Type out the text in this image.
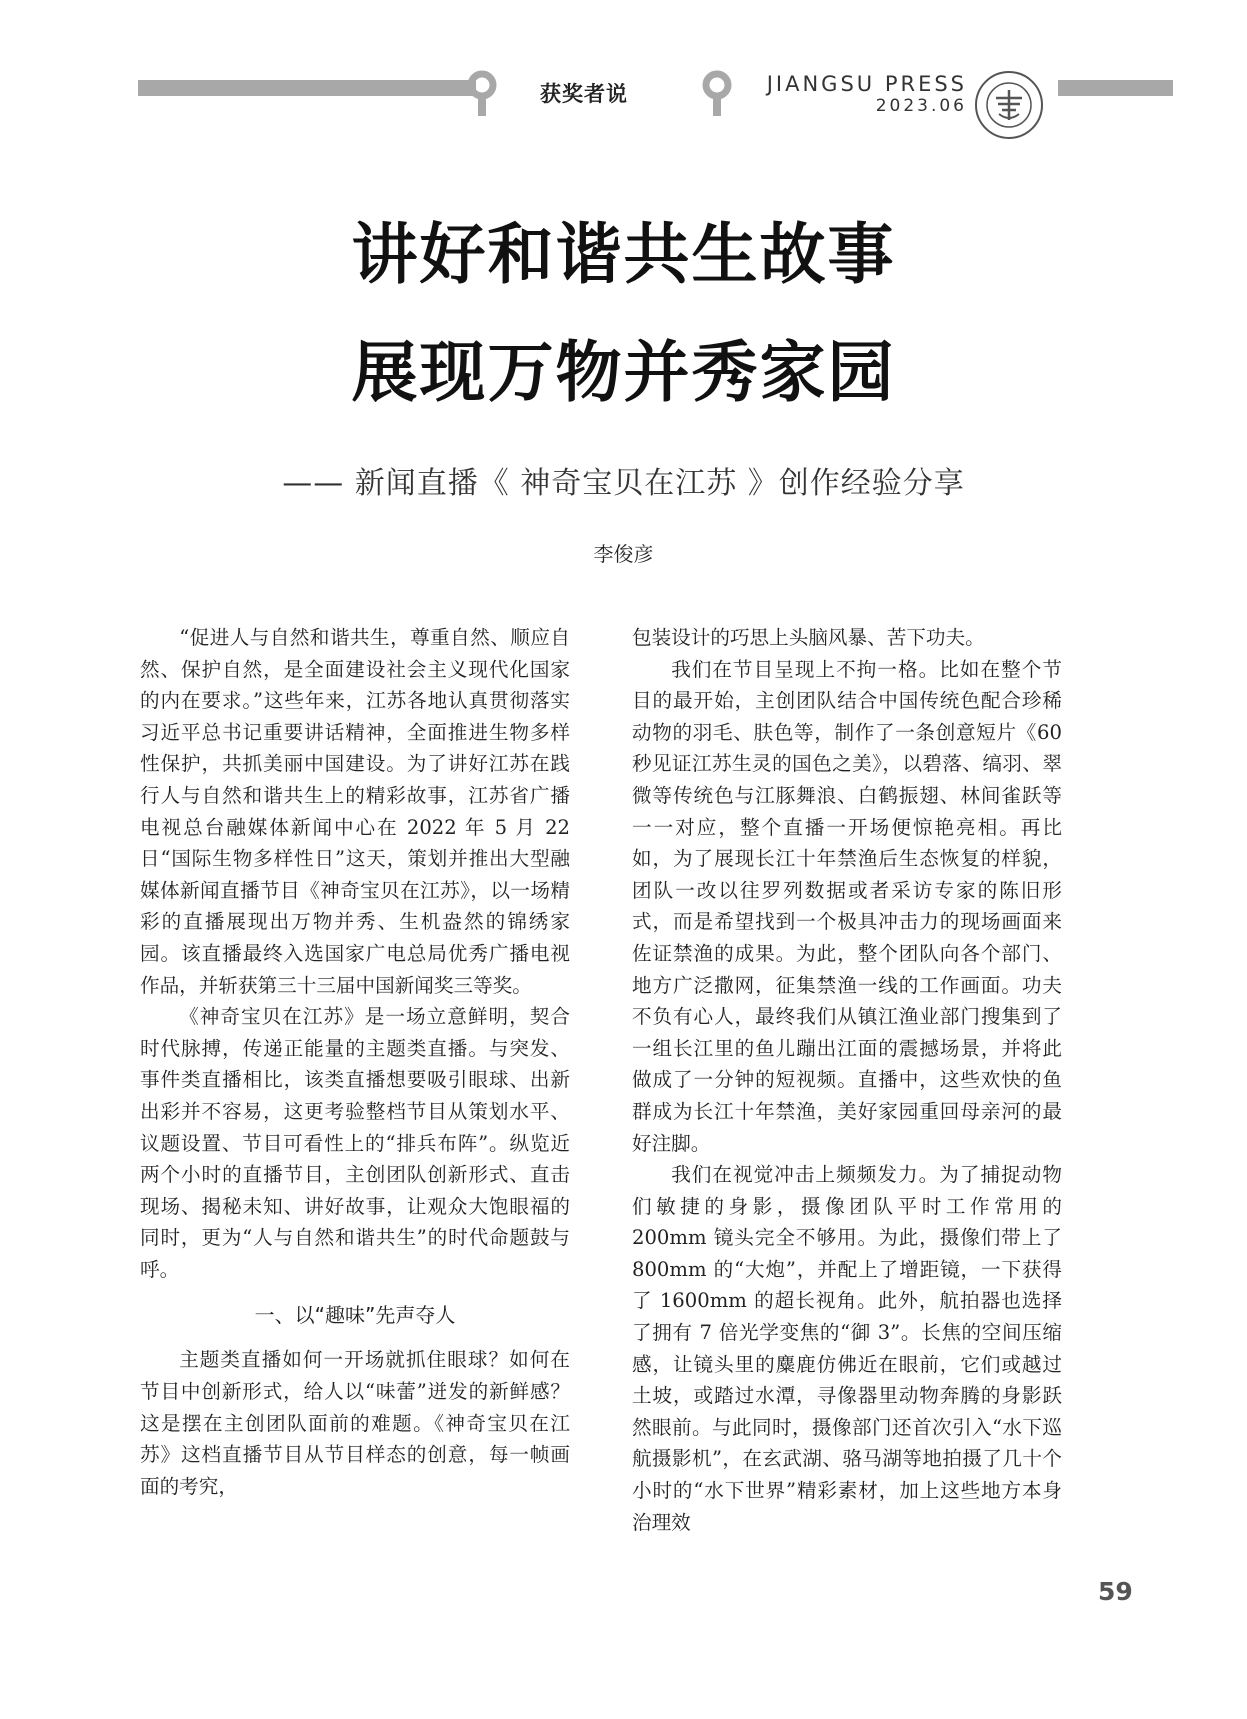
获奖者说	JIANGSU PRESS
2023.06
讲好和谐共生故事
展现万物并秀家园
—— 新闻直播《 神奇宝贝在江苏 》创作经验分享
李俊彦

“促进人与自然和谐共生，尊重自然、顺应自然、保护自然，是全面建设社会主义现代化国家的内在要求。”这些年来，江苏各地认真贯彻落实习近平总书记重要讲话精神，全面推进生物多样性保护，共抓美丽中国建设。为了讲好江苏在践行人与自然和谐共生上的精彩故事，江苏省广播电视总台融媒体新闻中心在 2022 年 5 月 22 日“国际生物多样性日”这天，策划并推出大型融媒体新闻直播节目《神奇宝贝在江苏》，以一场精彩的直播展现出万物并秀、生机盎然的锦绣家园。该直播最终入选国家广电总局优秀广播电视作品，并斩获第三十三届中国新闻奖三等奖。

《神奇宝贝在江苏》是一场立意鲜明，契合时代脉搏，传递正能量的主题类直播。与突发、事件类直播相比，该类直播想要吸引眼球、出新出彩并不容易，这更考验整档节目从策划水平、议题设置、节目可看性上的“排兵布阵”。纵览近两个小时的直播节目，主创团队创新形式、直击现场、揭秘未知、讲好故事，让观众大饱眼福的同时，更为“人与自然和谐共生”的时代命题鼓与呼。

一、以“趣味”先声夺人

主题类直播如何一开场就抓住眼球？如何在节目中创新形式，给人以“味蕾”迸发的新鲜感？这是摆在主创团队面前的难题。《神奇宝贝在江苏》这档直播节目从节目样态的创意，每一帧画面的考究，

包装设计的巧思上头脑风暴、苦下功夫。

我们在节目呈现上不拘一格。比如在整个节目的最开始，主创团队结合中国传统色配合珍稀动物的羽毛、肤色等，制作了一条创意短片《60 秒见证江苏生灵的国色之美》，以碧落、缟羽、翠微等传统色与江豚舞浪、白鹤振翅、林间雀跃等一一对应，整个直播一开场便惊艳亮相。再比如，为了展现长江十年禁渔后生态恢复的样貌，团队一改以往罗列数据或者采访专家的陈旧形式，而是希望找到一个极具冲击力的现场画面来佐证禁渔的成果。为此，整个团队向各个部门、地方广泛撒网，征集禁渔一线的工作画面。功夫不负有心人，最终我们从镇江渔业部门搜集到了一组长江里的鱼儿蹦出江面的震撼场景，并将此做成了一分钟的短视频。直播中，这些欢快的鱼群成为长江十年禁渔，美好家园重回母亲河的最好注脚。

我们在视觉冲击上频频发力。为了捕捉动物们敏捷的身影，摄像团队平时工作常用的 200mm 镜头完全不够用。为此，摄像们带上了 800mm 的“大炮”，并配上了增距镜，一下获得了 1600mm 的超长视角。此外，航拍器也选择了拥有 7 倍光学变焦的“御 3”。长焦的空间压缩感，让镜头里的麋鹿仿佛近在眼前，它们或越过土坡，或踏过水潭，寻像器里动物奔腾的身影跃然眼前。与此同时，摄像部门还首次引入“水下巡航摄影机”，在玄武湖、骆马湖等地拍摄了几十个小时的“水下世界”精彩素材，加上这些地方本身治理效

59
